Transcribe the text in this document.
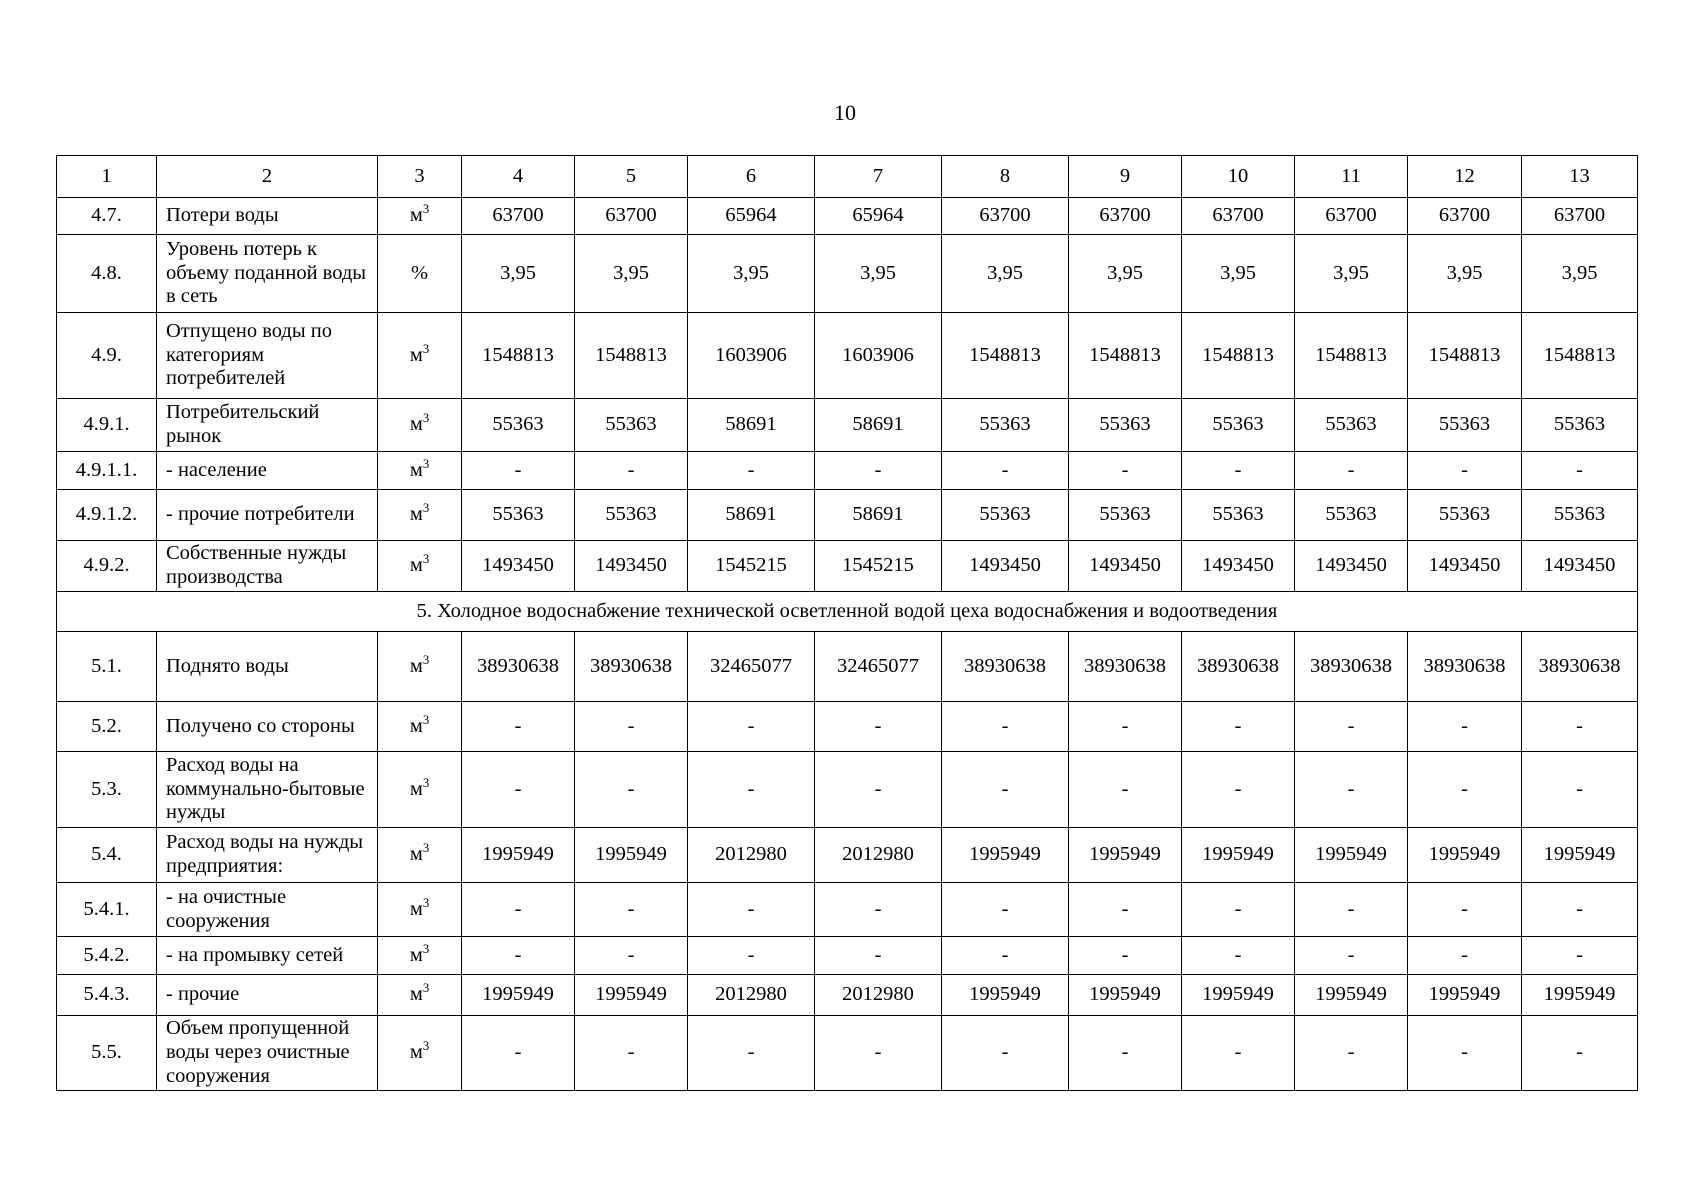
10
1	2	3	4	5	6	7	8	9	10	11	12	13
4.7.	Потери воды	$м^3$	63700	63700	65964	65964	63700	63700	63700	63700	63700	63700
4.8.	Уровень потерь к объему поданной воды в сеть	%	3,95	3,95	3,95	3,95	3,95	3,95	3,95	3,95	3,95	3,95
4.9.	Отпущено воды по категориям потребителей	$м^3$	1548813	1548813	1603906	1603906	1548813	1548813	1548813	1548813	1548813	1548813
4.9.1.	Потребительский рынок	$м^3$	55363	55363	58691	58691	55363	55363	55363	55363	55363	55363
4.9.1.1.	- население	$м^3$	-	-	-	-	-	-	-	-	-	-
4.9.1.2.	- прочие потребители	$м^3$	55363	55363	58691	58691	55363	55363	55363	55363	55363	55363
4.9.2.	Собственные нужды производства	$м^3$	1493450	1493450	1545215	1545215	1493450	1493450	1493450	1493450	1493450	1493450
5. Холодное водоснабжение технической осветленной водой цеха водоснабжения и водоотведения												
5.1.	Поднято воды	$м^3$	38930638	38930638	32465077	32465077	38930638	38930638	38930638	38930638	38930638	38930638
5.2.	Получено со стороны	$м^3$	-	-	-	-	-	-	-	-	-	-
5.3.	Расход воды на коммунально-бытовые нужды	$м^3$	-	-	-	-	-	-	-	-	-	-
5.4.	Расход воды на нужды предприятия:	$м^3$	1995949	1995949	2012980	2012980	1995949	1995949	1995949	1995949	1995949	1995949
5.4.1.	- на очистные сооружения	$м^3$	-	-	-	-	-	-	-	-	-	-
5.4.2.	- на промывку сетей	$м^3$	-	-	-	-	-	-	-	-	-	-
5.4.3.	- прочие	$м^3$	1995949	1995949	2012980	2012980	1995949	1995949	1995949	1995949	1995949	1995949
5.5.	Объем пропущенной воды через очистные сооружения	$м^3$	-	-	-	-	-	-	-	-	-	-
